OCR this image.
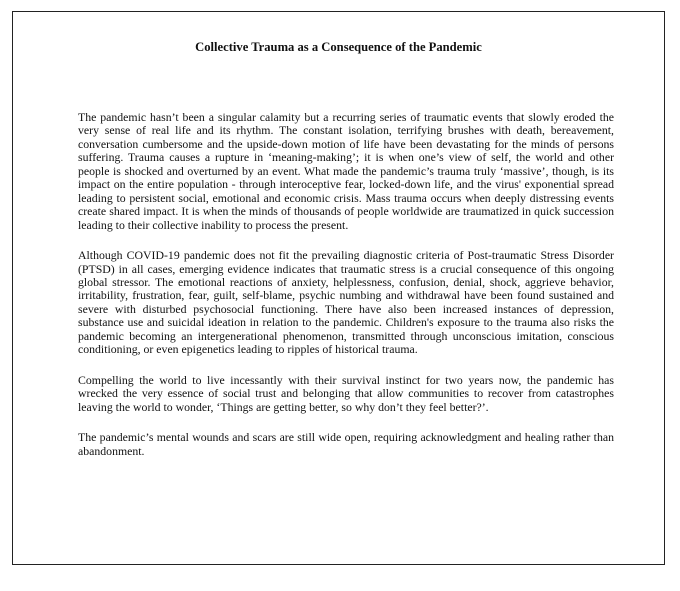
Collective Trauma as a Consequence of the Pandemic

The pandemic hasn’t been a singular calamity but a recurring series of traumatic events that slowly eroded the very sense of real life and its rhythm. The constant isolation, terrifying brushes with death, bereavement, conversation cumbersome and the upside-down motion of life have been devastating for the minds of persons suffering. Trauma causes a rupture in ‘meaning-making’; it is when one’s view of self, the world and other people is shocked and overturned by an event. What made the pandemic’s trauma truly ‘massive’, though, is its impact on the entire population - through interoceptive fear, locked-down life, and the virus' exponential spread leading to persistent social, emotional and economic crisis. Mass trauma occurs when deeply distressing events create shared impact. It is when the minds of thousands of people worldwide are traumatized in quick succession leading to their collective inability to process the present.

Although COVID-19 pandemic does not fit the prevailing diagnostic criteria of Post-traumatic Stress Disorder (PTSD) in all cases, emerging evidence indicates that traumatic stress is a crucial consequence of this ongoing global stressor. The emotional reactions of anxiety, helplessness, confusion, denial, shock, aggrieve behavior, irritability, frustration, fear, guilt, self-blame, psychic numbing and withdrawal have been found sustained and severe with disturbed psychosocial functioning. There have also been increased instances of depression, substance use and suicidal ideation in relation to the pandemic. Children's exposure to the trauma also risks the pandemic becoming an intergenerational phenomenon, transmitted through unconscious imitation, conscious conditioning, or even epigenetics leading to ripples of historical trauma.

Compelling the world to live incessantly with their survival instinct for two years now, the pandemic has wrecked the very essence of social trust and belonging that allow communities to recover from catastrophes leaving the world to wonder, ‘Things are getting better, so why don’t they feel better?’.

The pandemic’s mental wounds and scars are still wide open, requiring acknowledgment and healing rather than abandonment.
